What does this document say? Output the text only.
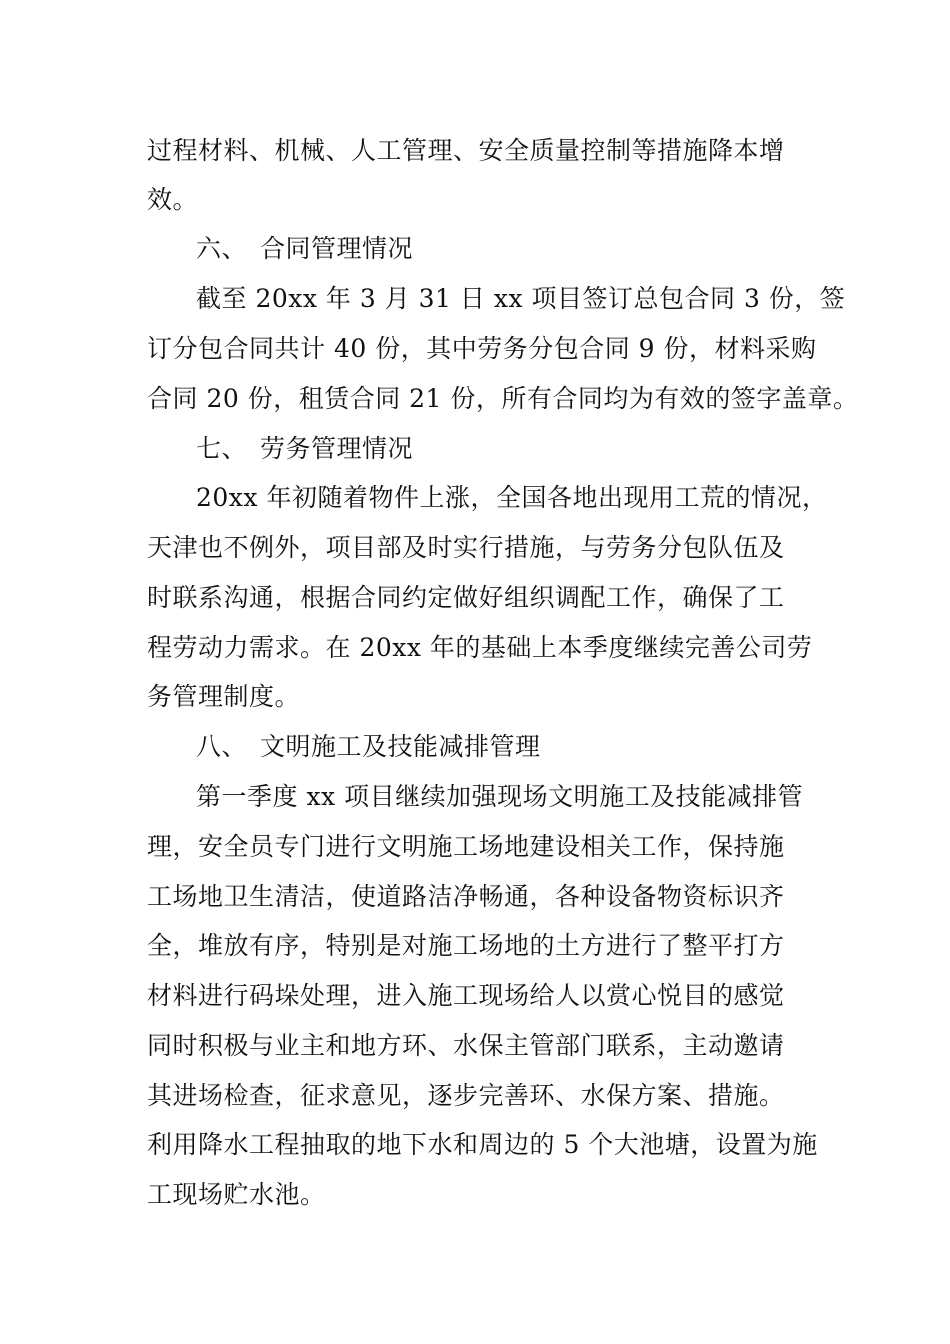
过程材料、机械、人工管理、安全质量控制等措施降本增
效。
六、 合同管理情况
截至 20xx 年 3 月 31 日 xx 项目签订总包合同 3 份，签
订分包合同共计 40 份，其中劳务分包合同 9 份，材料采购
合同 20 份，租赁合同 21 份，所有合同均为有效的签字盖章。
七、 劳务管理情况
20xx 年初随着物件上涨，全国各地出现用工荒的情况，
天津也不例外，项目部及时实行措施，与劳务分包队伍及
时联系沟通，根据合同约定做好组织调配工作，确保了工
程劳动力需求。在 20xx 年的基础上本季度继续完善公司劳
务管理制度。
八、 文明施工及技能减排管理
第一季度 xx 项目继续加强现场文明施工及技能减排管
理，安全员专门进行文明施工场地建设相关工作，保持施
工场地卫生清洁，使道路洁净畅通，各种设备物资标识齐
全，堆放有序，特别是对施工场地的土方进行了整平打方
材料进行码垛处理，进入施工现场给人以赏心悦目的感觉
同时积极与业主和地方环、水保主管部门联系，主动邀请
其进场检查，征求意见，逐步完善环、水保方案、措施。
利用降水工程抽取的地下水和周边的 5 个大池塘，设置为施
工现场贮水池。
